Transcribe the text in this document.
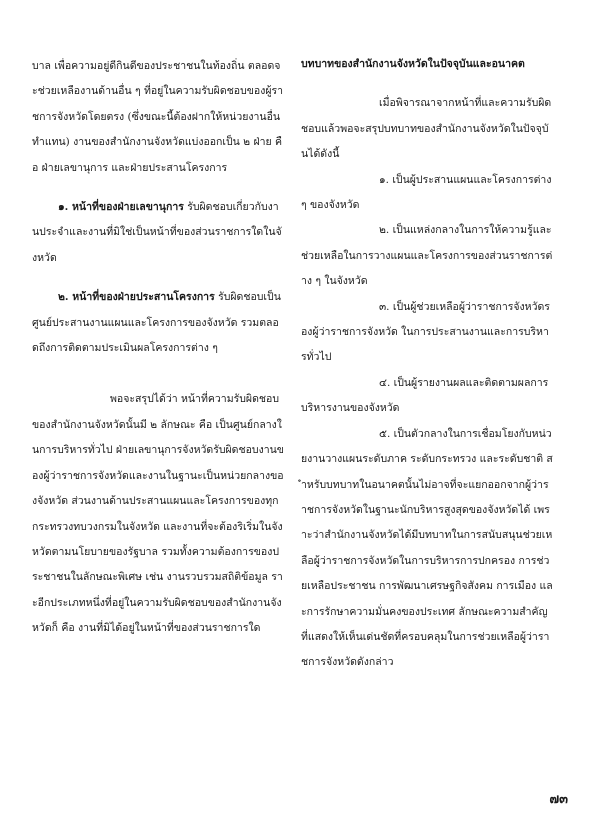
บาล เพื่อความอยู่ดีกินดีของประชาชนในท้องถิ่น ตลอดจะช่วยเหลืองานด้านอื่น ๆ ที่อยู่ในความรับผิดชอบของผู้ราชการจังหวัดโดยตรง (ซึ่งขณะนี้ต้องฝากให้หน่วยงานอื่นทำแทน) งานของสำนักงานจังหวัดแบ่งออกเป็น ๒ ฝ่าย คือ ฝ่ายเลขานุการ และฝ่ายประสานโครงการ

๑. หน้าที่ของฝ่ายเลขานุการ รับผิดชอบเกี่ยวกับงานประจำและงานที่มิใช่เป็นหน้าที่ของส่วนราชการใดในจังหวัด

๒. หน้าที่ของฝ่ายประสานโครงการ รับผิดชอบเป็นศูนย์ประสานงานแผนและโครงการของจังหวัด รวมตลอดถึงการติดตามประเมินผลโครงการต่าง ๆ

พอจะสรุปได้ว่า หน้าที่ความรับผิดชอบของสำนักงานจังหวัดนั้นมี ๒ ลักษณะ คือ เป็นศูนย์กลางในการบริหารทั่วไป ฝ่ายเลขานุการจังหวัดรับผิดชอบงานของผู้ว่าราชการจังหวัดและงานในฐานะเป็นหน่วยกลางของจังหวัด ส่วนงานด้านประสานแผนและโครงการของทุกกระทรวงทบวงกรมในจังหวัด และงานที่จะต้องริเริ่มในจังหวัดตามนโยบายของรัฐบาล รวมทั้งความต้องการของประชาชนในลักษณะพิเศษ เช่น งานรวบรวมสถิติข้อมูล ราะอีกประเภทหนึ่งที่อยู่ในความรับผิดชอบของสำนักงานจังหวัดก็ คือ งานที่มิได้อยู่ในหน้าที่ของส่วนราชการใด

บทบาทของสำนักงานจังหวัดในปัจจุบันและอนาคต

เมื่อพิจารณาจากหน้าที่และความรับผิดชอบแล้วพอจะสรุปบทบาทของสำนักงานจังหวัดในปัจจุบันได้ดังนี้

๑. เป็นผู้ประสานแผนและโครงการต่าง ๆ ของจังหวัด

๒. เป็นแหล่งกลางในการให้ความรู้และช่วยเหลือในการวางแผนและโครงการของส่วนราชการต่าง ๆ ในจังหวัด

๓. เป็นผู้ช่วยเหลือผู้ว่าราชการจังหวัดรองผู้ว่าราชการจังหวัด ในการประสานงานและการบริหารทั่วไป

๔. เป็นผู้รายงานผลและติดตามผลการบริหารงานของจังหวัด

๕. เป็นตัวกลางในการเชื่อมโยงกับหน่วยงานวางแผนระดับภาค ระดับกระทรวง และระดับชาติ สำหรับบทบาทในอนาคตนั้นไม่อาจที่จะแยกออกจากผู้ว่าราชการจังหวัดในฐานะนักบริหารสูงสุดของจังหวัดได้ เพราะว่าสำนักงานจังหวัดได้มีบทบาทในการสนับสนุนช่วยเหลือผู้ว่าราชการจังหวัดในการบริหารการปกครอง การช่วยเหลือประชาชน การพัฒนาเศรษฐกิจสังคม การเมือง และการรักษาความมั่นคงของประเทศ ลักษณะความสำคัญที่แสดงให้เห็นเด่นชัดที่ครอบคลุมในการช่วยเหลือผู้ว่าราชการจังหวัดดังกล่าว

๗๓
